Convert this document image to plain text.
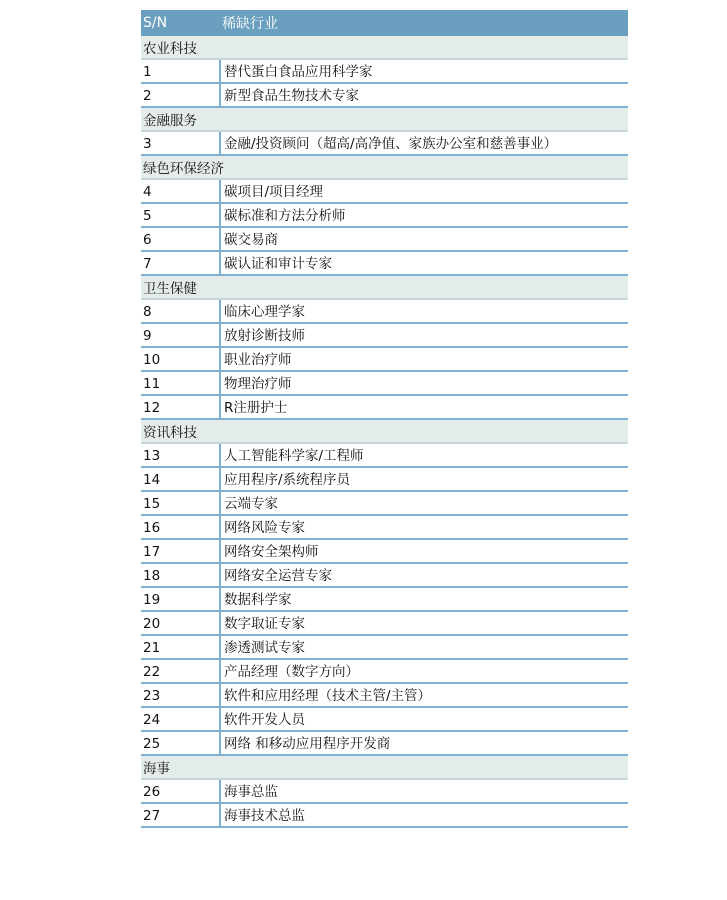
S/N	稀缺行业
农业科技
1	替代蛋白食品应用科学家
2	新型食品生物技术专家
金融服务
3	金融/投资顾问（超高/高净值、家族办公室和慈善事业）
绿色环保经济
4	碳项目/项目经理
5	碳标准和方法分析师
6	碳交易商
7	碳认证和审计专家
卫生保健
8	临床心理学家
9	放射诊断技师
10	职业治疗师
11	物理治疗师
12	R注册护士
资讯科技
13	人工智能科学家/工程师
14	应用程序/系统程序员
15	云端专家
16	网络风险专家
17	网络安全架构师
18	网络安全运营专家
19	数据科学家
20	数字取证专家
21	渗透测试专家
22	产品经理（数字方向）
23	软件和应用经理（技术主管/主管）
24	软件开发人员
25	网络 和移动应用程序开发商
海事
26	海事总监
27	海事技术总监
